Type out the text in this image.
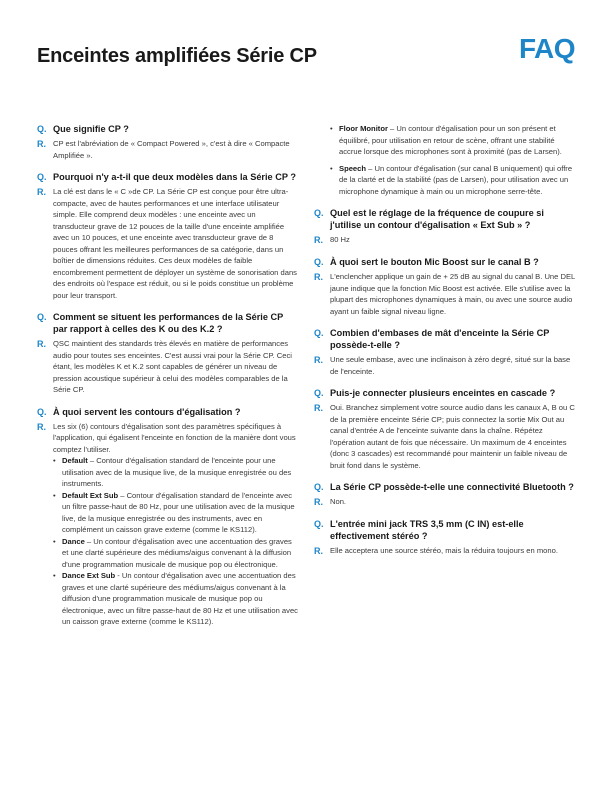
Enceintes amplifiées Série CP	FAQ
Q. Que signifie CP ?
R. CP est l'abréviation de « Compact Powered », c'est à dire « Compacte Amplifiée ».
Q. Pourquoi n'y a-t-il que deux modèles dans la Série CP ?
R. La clé est dans le « C »de CP. La Série CP est conçue pour être ultra-compacte, avec de hautes performances et une interface utilisateur simple. Elle comprend deux modèles : une enceinte avec un transducteur grave de 12 pouces de la taille d'une enceinte amplifiée avec un 10 pouces, et une enceinte avec transducteur grave de 8 pouces offrant les meilleures performances de sa catégorie, dans un boîtier de dimensions réduites. Ces deux modèles de faible encombrement permettent de déployer un système de sonorisation dans des endroits où l'espace est réduit, ou si le poids constitue un problème pour leur transport.
Q. Comment se situent les performances de la Série CP par rapport à celles des K ou des K.2 ?
R. QSC maintient des standards très élevés en matière de performances audio pour toutes ses enceintes. C'est aussi vrai pour la Série CP. Ceci étant, les modèles K et K.2 sont capables de générer un niveau de pression acoustique supérieur à celui des modèles comparables de la Série CP.
Q. À quoi servent les contours d'égalisation ?
R. Les six (6) contours d'égalisation sont des paramètres spécifiques à l'application, qui égalisent l'enceinte en fonction de la manière dont vous comptez l'utiliser.
• Default – Contour d'égalisation standard de l'enceinte pour une utilisation avec de la musique live, de la musique enregistrée ou des instruments.
• Default Ext Sub – Contour d'égalisation standard de l'enceinte avec un filtre passe-haut de 80 Hz, pour une utilisation avec de la musique live, de la musique enregistrée ou des instruments, avec en complément un caisson grave externe (comme le KS112).
• Dance – Un contour d'égalisation avec une accentuation des graves et une clarté supérieure des médiums/aigus convenant à la diffusion d'une programmation musicale de musique pop ou électronique.
• Dance Ext Sub - Un contour d'égalisation avec une accentuation des graves et une clarté supérieure des médiums/aigus convenant à la diffusion d'une programmation musicale de musique pop ou électronique, avec un filtre passe-haut de 80 Hz et une utilisation avec un caisson grave externe (comme le KS112).
• Floor Monitor – Un contour d'égalisation pour un son présent et équilibré, pour utilisation en retour de scène, offrant une stabilité accrue lorsque des microphones sont à proximité (pas de Larsen).
• Speech – Un contour d'égalisation (sur canal B uniquement) qui offre de la clarté et de la stabilité (pas de Larsen), pour utilisation avec un microphone dynamique à main ou un microphone serre-tête.
Q. Quel est le réglage de la fréquence de coupure si j'utilise un contour d'égalisation « Ext Sub » ?
R. 80 Hz
Q. À quoi sert le bouton Mic Boost sur le canal B ?
R. L'enclencher applique un gain de + 25 dB au signal du canal B. Une DEL jaune indique que la fonction Mic Boost est activée. Elle s'utilise avec la plupart des microphones dynamiques à main, ou avec une source audio ayant un faible signal niveau ligne.
Q. Combien d'embases de mât d'enceinte la Série CP possède-t-elle ?
R. Une seule embase, avec une inclinaison à zéro degré, situé sur la base de l'enceinte.
Q. Puis-je connecter plusieurs enceintes en cascade ?
R. Oui. Branchez simplement votre source audio dans les canaux A, B ou C de la première enceinte Série CP; puis connectez la sortie Mix Out au canal d'entrée A de l'enceinte suivante dans la chaîne. Répétez l'opération autant de fois que nécessaire. Un maximum de 4 enceintes (donc 3 cascades) est recommandé pour maintenir un faible niveau de bruit fond dans le système.
Q. La Série CP possède-t-elle une connectivité Bluetooth ?
R. Non.
Q. L'entrée mini jack TRS 3,5 mm (C IN) est-elle effectivement stéréo ?
R. Elle acceptera une source stéréo, mais la réduira toujours en mono.
